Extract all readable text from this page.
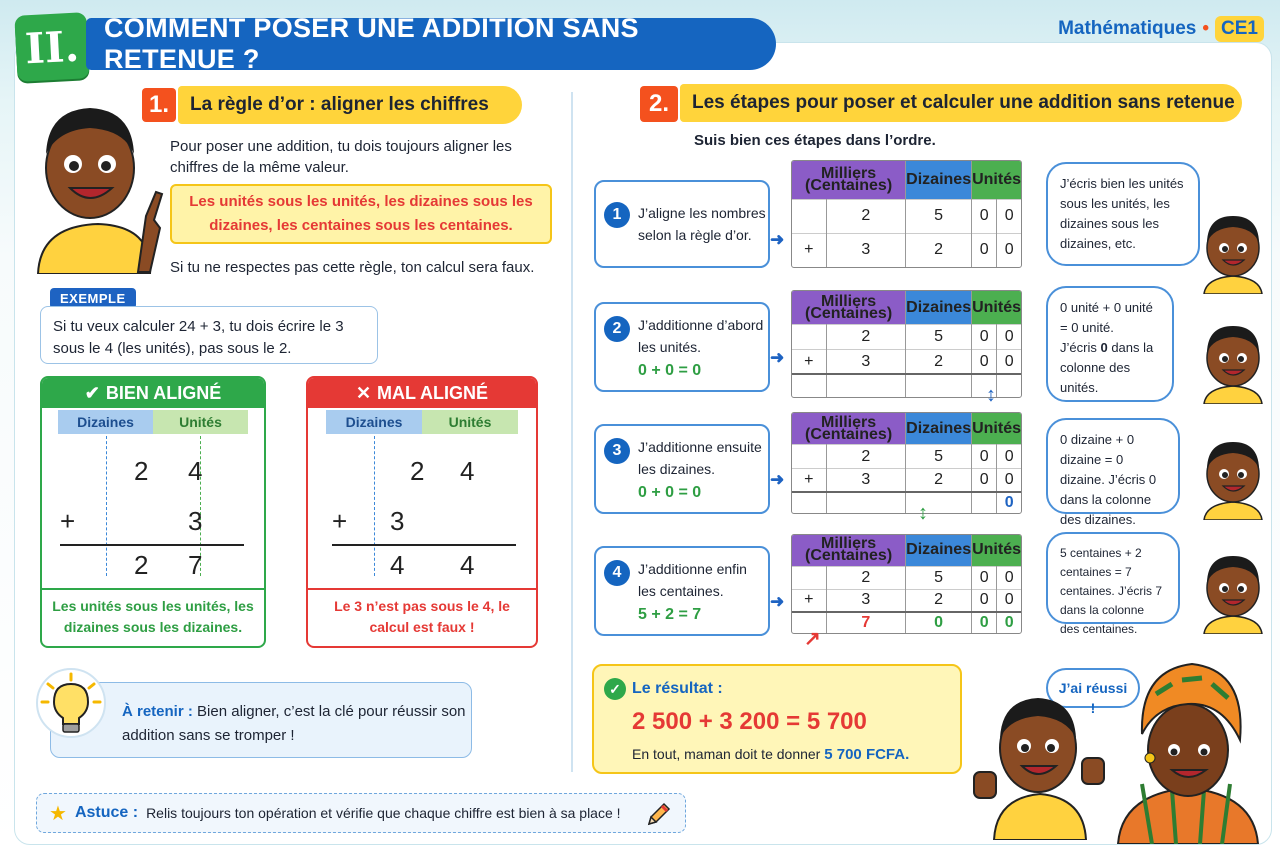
II. COMMENT POSER UNE ADDITION SANS RETENUE ?
Mathématiques • CE1
1. La règle d’or : aligner les chiffres
Pour poser une addition, tu dois toujours aligner les chiffres de la même valeur.
Les unités sous les unités, les dizaines sous les dizaines, les centaines sous les centaines.
Si tu ne respectes pas cette règle, ton calcul sera faux.
EXEMPLE
Si tu veux calculer 24 + 3, tu dois écrire le 3 sous le 4 (les unités), pas sous le 2.
✔ BIEN ALIGNÉ
Dizaines	Unités
2 4
+	3
2 7
Les unités sous les unités, les dizaines sous les dizaines.
✕ MAL ALIGNÉ
Dizaines	Unités
2 4
+ 3
4 4
Le 3 n’est pas sous le 4, le calcul est faux !
À retenir : Bien aligner, c’est la clé pour réussir son addition sans se tromper !
★ Astuce : Relis toujours ton opération et vérifie que chaque chiffre est bien à sa place !
2. Les étapes pour poser et calculer une addition sans retenue
Suis bien ces étapes dans l’ordre.
1	J’aligne les nombres selon la règle d’or.	➜
Milliers (Centaines)		Dizaines	Unités	
	2	5	0	0
+	3	2	0	0
J’écris bien les unités sous les unités, les dizaines sous les dizaines, etc.
2	J’additionne d’abord les unités.
0 + 0 = 0
➜
Milliers (Centaines)		Dizaines	Unités	
	2	5	0	0
+	3	2	0	0

0 unité + 0 unité = 0 unité.
J’écris 0 dans la colonne des unités.
3	J’additionne ensuite les dizaines.
0 + 0 = 0
➜
Milliers (Centaines)		Dizaines	Unités	
	2	5	0	0
+	3	2	0	0
				0
0 dizaine + 0 dizaine = 0 dizaine. J’écris 0 dans la colonne des dizaines.
4	J’additionne enfin les centaines.
5 + 2 = 7
➜
Milliers (Centaines)		Dizaines	Unités	
	2	5	0	0
+	3	2	0	0
	7	0	0	0
5 centaines + 2 centaines = 7 centaines. J’écris 7 dans la colonne des centaines.
↕
↕
↗
✓ Le résultat :
2 500 + 3 200 = 5 700
En tout, maman doit te donner 5 700 FCFA.
J’ai réussi !
